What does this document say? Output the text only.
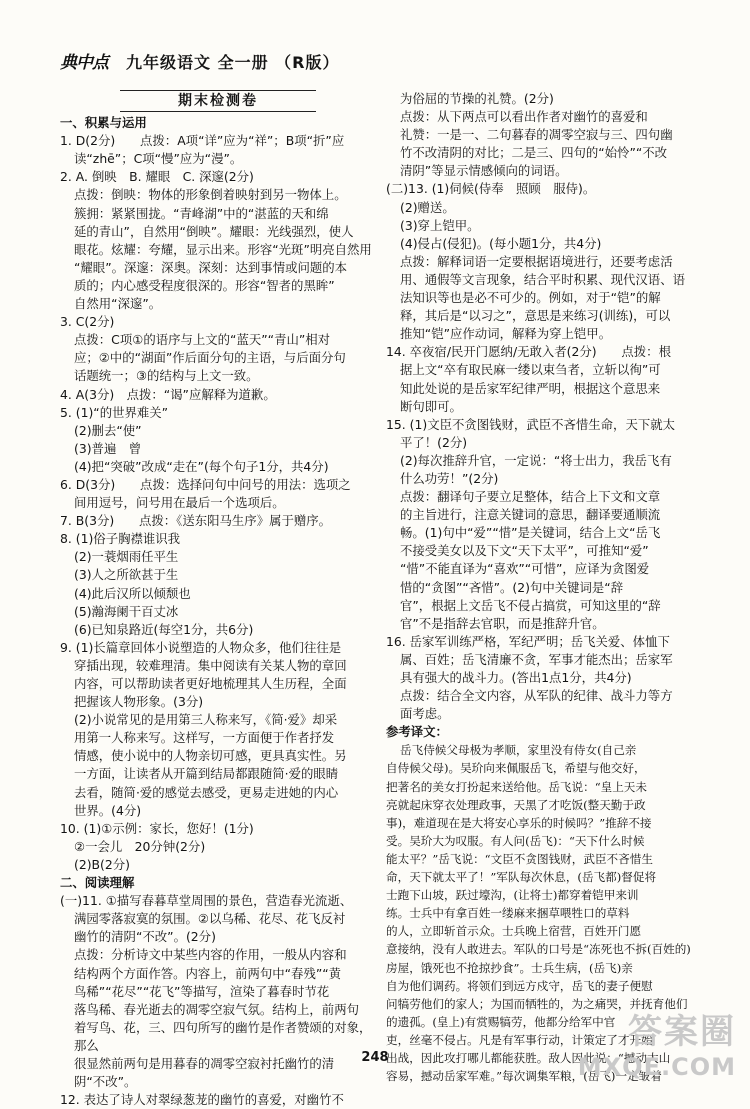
典中点	九年级语文 全一册 （R版）
期末检测卷

一、积累与运用

1. D(2分)　　点拨：A项“详”应为“祥”；B项“折”应

读“zhē”；C项“慢”应为“漫”。

2. A. 倒映　B. 耀眼　C. 深邃(2分)

点拨：倒映：物体的形象倒着映射到另一物体上。

簇拥：紧紧围拢。“青峰湖”中的“湛蓝的天和绵

延的青山”，自然用“倒映”。耀眼：光线强烈，使人

眼花。炫耀：夸耀，显示出来。形容“光斑”明亮自然用

“耀眼”。深邃：深奥。深刻：达到事情或问题的本

质的；内心感受程度很深的。形容“智者的黑眸”

自然用“深邃”。

3. C(2分)

点拨：C项①的语序与上文的“蓝天”“青山”相对

应；②中的“湖面”作后面分句的主语，与后面分句

话题统一；③的结构与上文一致。

4. A(3分)　点拨：“谒”应解释为道歉。

5. (1)“的世界难关”

(2)删去“使”

(3)普遍　曾

(4)把“突破”改成“走在”(每个句子1分，共4分)

6. D(3分)　　点拨：选择问句中问号的用法：选项之

间用逗号，问号用在最后一个选项后。

7. B(3分)　　点拨：《送东阳马生序》属于赠序。

8. (1)俗子胸襟谁识我

(2)一蓑烟雨任平生

(3)人之所欲甚于生

(4)此后汉所以倾颓也

(5)瀚海阑干百丈冰

(6)已知泉路近(每空1分，共6分)

9. (1)长篇章回体小说塑造的人物众多，他们往往是

穿插出现，较难理清。集中阅读有关某人物的章回

内容，可以帮助读者更好地梳理其人生历程，全面

把握该人物形象。(3分)

(2)小说常见的是用第三人称来写，《简·爱》却采

用第一人称来写。这样写，一方面便于作者抒发

情感，使小说中的人物亲切可感，更具真实性。另

一方面，让读者从开篇到结局都跟随简·爱的眼睛

去看，随简·爱的感觉去感受，更易走进她的内心

世界。(4分)

10. (1)①示例：家长，您好！(1分)

②一会儿　20分钟(2分)

(2)B(2分)

二、阅读理解

(一)11. ①描写春暮草堂周围的景色，营造春光流逝、

满园零落寂寞的氛围。②以乌稀、花尽、花飞反衬

幽竹的清阴“不改”。(2分)

点拨：分析诗文中某些内容的作用，一般从内容和

结构两个方面作答。内容上，前两句中“春残”“黄

鸟稀”“花尽”“花飞”等描写，渲染了暮春时节花

落鸟稀、春光逝去的凋零空寂气氛。结构上，前两句

着写鸟、花，三、四句所写的幽竹是作者赞颂的对象，那么

很显然前两句是用暮春的凋零空寂衬托幽竹的清

阴“不改”。

12. 表达了诗人对翠绿葱茏的幽竹的喜爱，对幽竹不

为俗屈的节操的礼赞。(2分)

点拨：从下两点可以看出作者对幽竹的喜爱和

礼赞：一是一、二句暮春的凋零空寂与三、四句幽

竹不改清阴的对比；二是三、四句的“始怜”“不改

清阴”等显示情感倾向的词语。

(二)13. (1)伺候(侍奉　照顾　服侍)。

(2)赠送。

(3)穿上铠甲。

(4)侵占(侵犯)。(每小题1分，共4分)

点拨：解释词语一定要根据语境进行，还要考虑活

用、通假等文言现象，结合平时积累、现代汉语、语

法知识等也是必不可少的。例如，对于“铠”的解

释，其后是“以习之”，意思是来练习(训练)，可以

推知“铠”应作动词，解释为穿上铠甲。

14. 卒夜宿/民开门愿纳/无敢入者(2分)　　点拨：根

据上文“卒有取民麻一缕以束刍者，立斩以徇”可

知此处说的是岳家军纪律严明，根据这个意思来

断句即可。

15. (1)文臣不贪图钱财，武臣不吝惜生命，天下就太

平了！(2分)

(2)每次推辞升官，一定说：“将士出力，我岳飞有

什么功劳！”(2分)

点拨：翻译句子要立足整体，结合上下文和文章

的主旨进行，注意关键词的意思，翻译要通顺流

畅。(1)句中“爱”“惜”是关键词，结合上文“岳飞

不接受美女以及下文“天下太平”，可推知“爱”

“惜”不能直译为“喜欢”“可惜”，应译为贪图爱

惜的“贪图”“吝惜”。(2)句中关键词是“辞

官”，根据上文岳飞不侵占搞赏，可知这里的“辞

官”不是指辞去官职，而是推辞升官。

16. 岳家军训练严格，军纪严明；岳飞关爱、体恤下

属、百姓；岳飞清廉不贪，军事才能杰出；岳家军

具有强大的战斗力。(答出1点1分，共4分)

点拨：结合全文内容，从军队的纪律、战斗力等方

面考虑。

参考译文：

岳飞侍候父母极为孝顺，家里没有侍女(自己亲

自侍候父母)。吴玠向来佩服岳飞，希望与他交好，

把著名的美女打扮起来送给他。岳飞说：“皇上天未

亮就起床穿衣处理政事，天黑了才吃饭(整天勤于政

事)，难道现在是大将安心享乐的时候吗？”推辞不接

受。吴玠大为叹服。有人问(岳飞)：“天下什么时候

能太平？”岳飞说：“文臣不贪图钱财，武臣不吝惜生

命，天下就太平了！”军队每次休息，(岳飞都)督促将

士跑下山坡，跃过壕沟，(让将士)都穿着铠甲来训

练。士兵中有拿百姓一缕麻来捆草喂牲口的草料

的人，立即斩首示众。士兵晚上宿营，百姓开门愿

意接纳，没有人敢进去。军队的口号是“冻死也不拆(百姓的)

房屋，饿死也不抢掠抄食”。士兵生病，(岳飞)亲

自为他们调药。将领们到远方戍守，岳飞的妻子便慰

问犒劳他们的家人；为国而牺牲的，为之痛哭，并抚育他们

的遗孤。(皇上)有赏赐犒劳，他都分给军中官

吏，丝毫不侵占。凡是有军事行动，计策定了才开始

出战，因此攻打哪儿都能获胜。敌人因此说：“撼动大山

容易，撼动岳家军难。”每次调集军粮，(岳飞)一定皱着

248
答案圈
MXQE.COM
